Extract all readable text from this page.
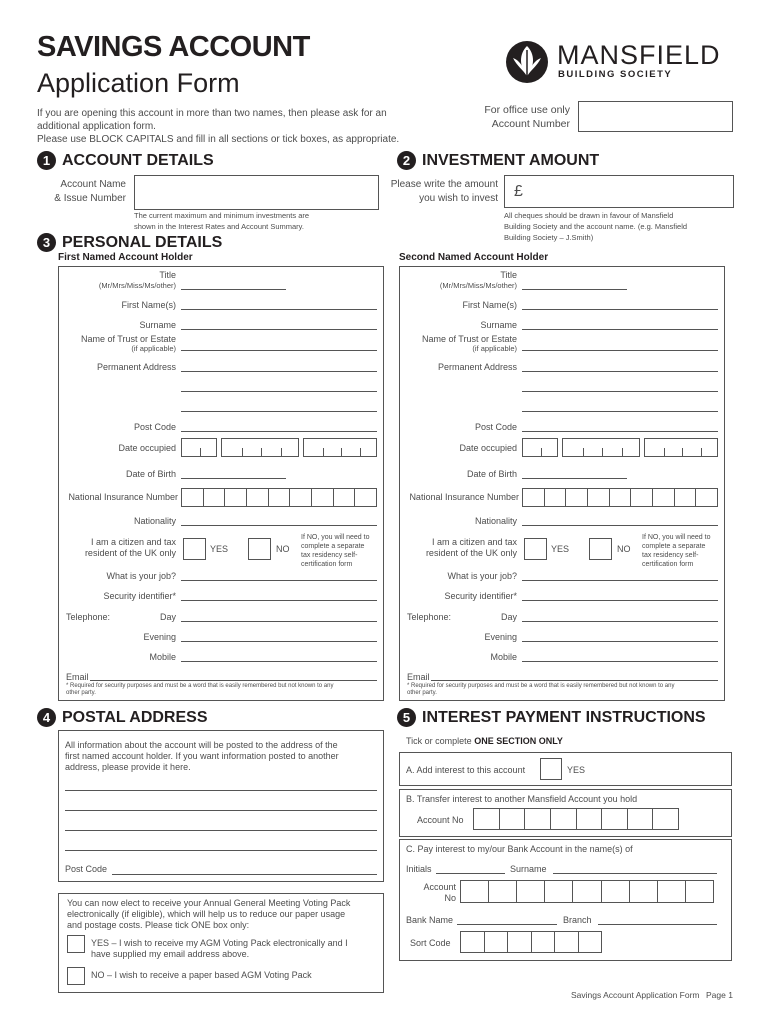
SAVINGS ACCOUNT
Application Form
If you are opening this account in more than two names, then please ask for an
additional application form.
Please use BLOCK CAPITALS and fill in all sections or tick boxes, as appropriate.
MANSFIELD
BUILDING SOCIETY
For office use only
Account Number
1 ACCOUNT DETAILS
Account Name
& Issue Number
The current maximum and minimum investments are
shown in the Interest Rates and Account Summary.
2 INVESTMENT AMOUNT
Please write the amount
you wish to invest £
All cheques should be drawn in favour of Mansfield
Building Society and the account name. (e.g. Mansfield
Building Society – J.Smith)
3 PERSONAL DETAILS
First Named Account Holder
Title
(Mr/Mrs/Miss/Ms/other)
First Name(s)
Surname
Name of Trust or Estate
(if applicable)
Permanent Address
Post Code
Date occupied
Date of Birth
National Insurance Number
Nationality
I am a citizen and tax
resident of the UK only	YES	NO
If NO, you will need to
complete a separate
tax residency self-
certification form
What is your job?
Security identifier*
Telephone:	Day
Evening
Mobile
Email
* Required for security purposes and must be a word that is easily remembered but not known to any
other party.
Second Named Account Holder
Title
(Mr/Mrs/Miss/Ms/other)
First Name(s)
Surname
Name of Trust or Estate
(if applicable)
Permanent Address
Post Code
Date occupied
Date of Birth
National Insurance Number
Nationality
I am a citizen and tax
resident of the UK only	YES	NO
If NO, you will need to
complete a separate
tax residency self-
certification form
What is your job?
Security identifier*
Telephone:	Day
Evening
Mobile
Email
* Required for security purposes and must be a word that is easily remembered but not known to any
other party.
4 POSTAL ADDRESS
All information about the account will be posted to the address of the
first named account holder. If you want information posted to another
address, please provide it here.
Post Code
You can now elect to receive your Annual General Meeting Voting Pack
electronically (if eligible), which will help us to reduce our paper usage
and postage costs. Please tick ONE box only:
YES – I wish to receive my AGM Voting Pack electronically and I
have supplied my email address above.
NO – I wish to receive a paper based AGM Voting Pack
5 INTEREST PAYMENT INSTRUCTIONS
Tick or complete ONE SECTION ONLY
A. Add interest to this account	YES
B. Transfer interest to another Mansfield Account you hold
Account No
C. Pay interest to my/our Bank Account in the name(s) of
Initials	Surname
Account
No
Bank Name	Branch
Sort Code
Savings Account Application Form Page 1
